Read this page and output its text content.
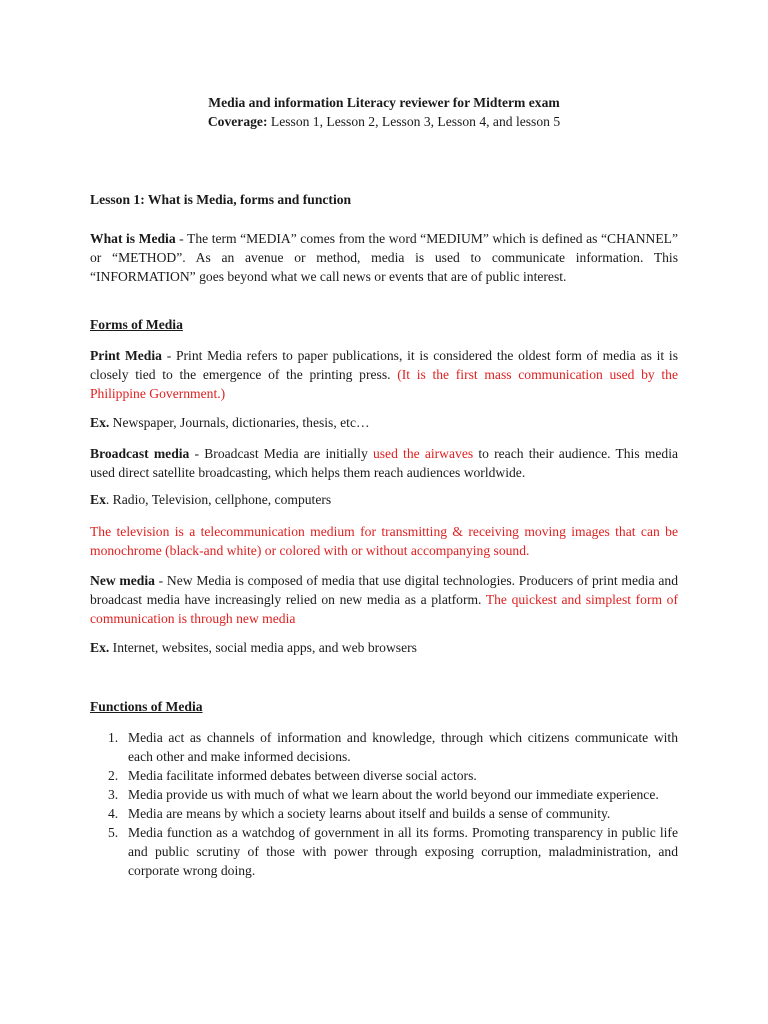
Media and information Literacy reviewer for Midterm exam
Coverage: Lesson 1, Lesson 2, Lesson 3, Lesson 4, and lesson 5
Lesson 1: What is Media, forms and function
What is Media - The term “MEDIA” comes from the word “MEDIUM” which is defined as “CHANNEL” or “METHOD”. As an avenue or method, media is used to communicate information. This “INFORMATION” goes beyond what we call news or events that are of public interest.
Forms of Media
Print Media - Print Media refers to paper publications, it is considered the oldest form of media as it is closely tied to the emergence of the printing press. (It is the first mass communication used by the Philippine Government.)
Ex. Newspaper, Journals, dictionaries, thesis, etc…
Broadcast media - Broadcast Media are initially used the airwaves to reach their audience. This media used direct satellite broadcasting, which helps them reach audiences worldwide.
Ex. Radio, Television, cellphone, computers
The television is a telecommunication medium for transmitting & receiving moving images that can be monochrome (black-and white) or colored with or without accompanying sound.
New media - New Media is composed of media that use digital technologies. Producers of print media and broadcast media have increasingly relied on new media as a platform. The quickest and simplest form of communication is through new media
Ex. Internet, websites, social media apps, and web browsers
Functions of Media
1. Media act as channels of information and knowledge, through which citizens communicate with each other and make informed decisions.
2. Media facilitate informed debates between diverse social actors.
3. Media provide us with much of what we learn about the world beyond our immediate experience.
4. Media are means by which a society learns about itself and builds a sense of community.
5. Media function as a watchdog of government in all its forms. Promoting transparency in public life and public scrutiny of those with power through exposing corruption, maladministration, and corporate wrong doing.
